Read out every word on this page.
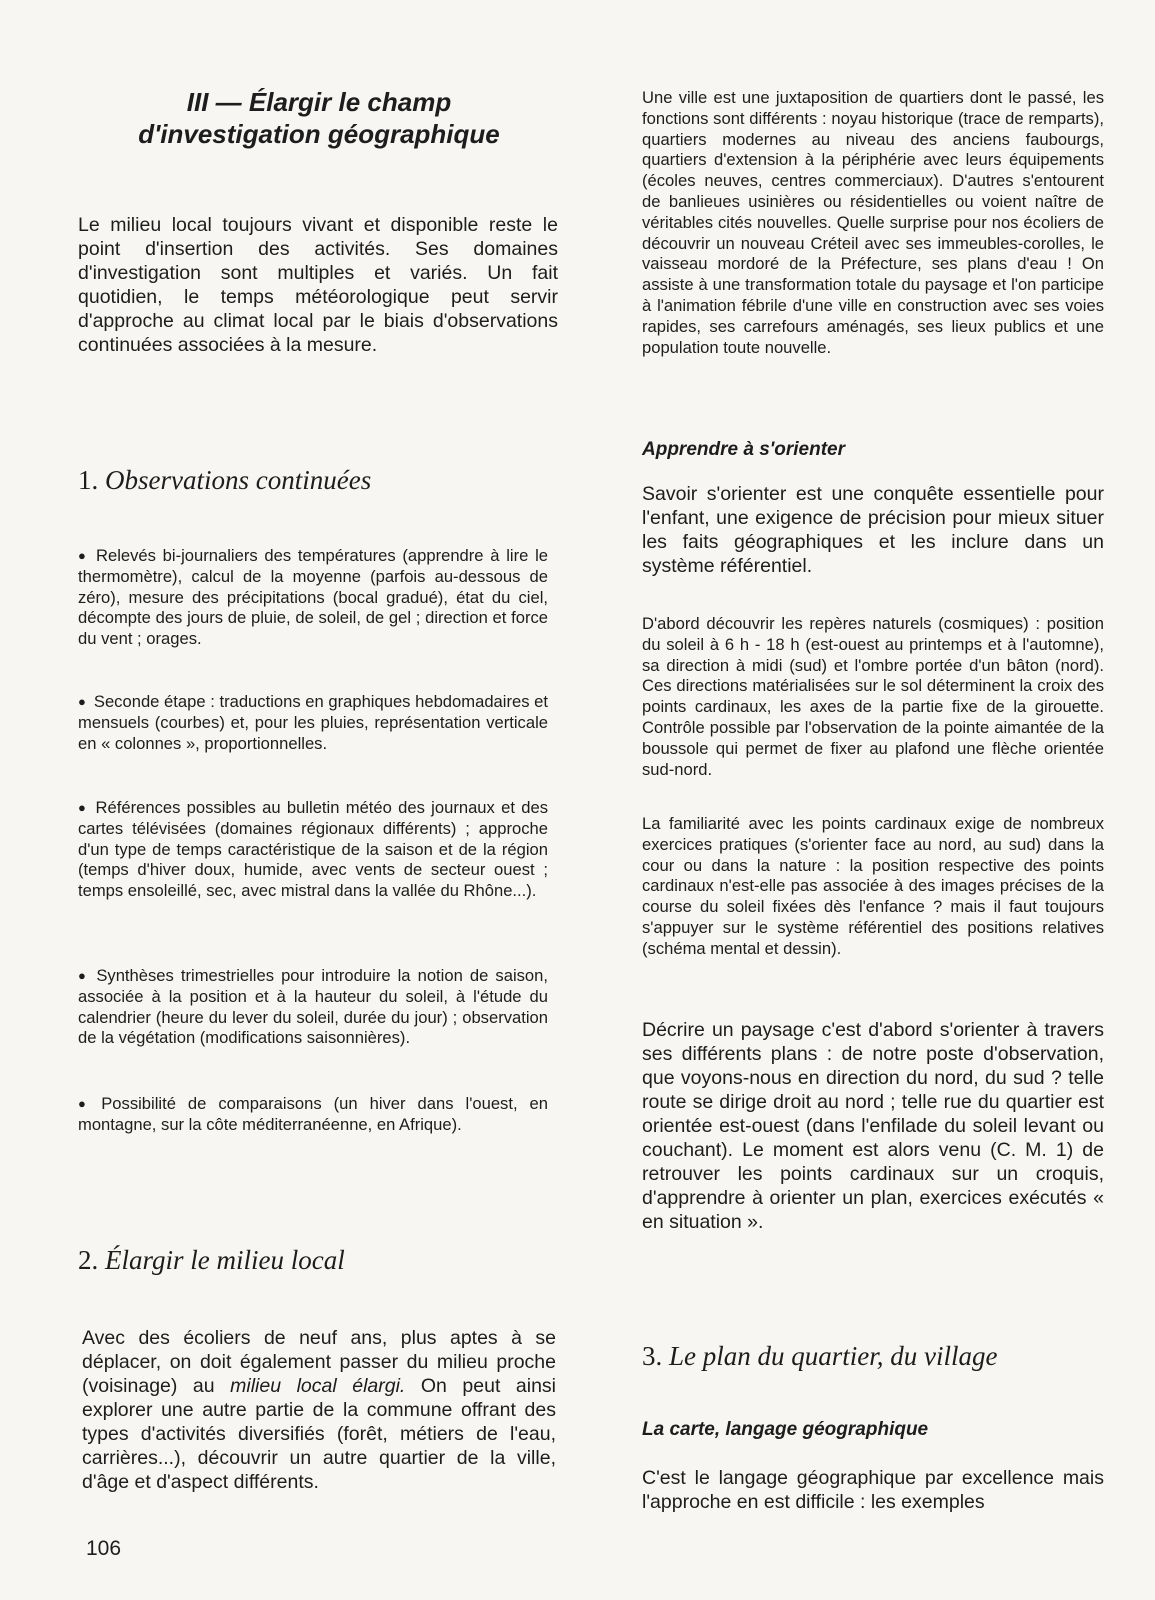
III — Élargir le champ
d'investigation géographique

Le milieu local toujours vivant et disponible reste le point d'insertion des activités. Ses domaines d'investigation sont multiples et variés. Un fait quotidien, le temps météorologique peut servir d'approche au climat local par le biais d'observations continuées associées à la mesure.

1. Observations continuées

● Relevés bi-journaliers des températures (apprendre à lire le thermomètre), calcul de la moyenne (parfois au-dessous de zéro), mesure des précipitations (bocal gradué), état du ciel, décompte des jours de pluie, de soleil, de gel ; direction et force du vent ; orages.

● Seconde étape : traductions en graphiques hebdomadaires et mensuels (courbes) et, pour les pluies, représentation verticale en « colonnes », proportionnelles.

● Références possibles au bulletin météo des journaux et des cartes télévisées (domaines régionaux différents) ; approche d'un type de temps caractéristique de la saison et de la région (temps d'hiver doux, humide, avec vents de secteur ouest ; temps ensoleillé, sec, avec mistral dans la vallée du Rhône...).

● Synthèses trimestrielles pour introduire la notion de saison, associée à la position et à la hauteur du soleil, à l'étude du calendrier (heure du lever du soleil, durée du jour) ; observation de la végétation (modifications saisonnières).

● Possibilité de comparaisons (un hiver dans l'ouest, en montagne, sur la côte méditerranéenne, en Afrique).

2. Élargir le milieu local

Avec des écoliers de neuf ans, plus aptes à se déplacer, on doit également passer du milieu proche (voisinage) au milieu local élargi. On peut ainsi explorer une autre partie de la commune offrant des types d'activités diversifiés (forêt, métiers de l'eau, carrières...), découvrir un autre quartier de la ville, d'âge et d'aspect différents.

106

Une ville est une juxtaposition de quartiers dont le passé, les fonctions sont différents : noyau historique (trace de remparts), quartiers modernes au niveau des anciens faubourgs, quartiers d'extension à la périphérie avec leurs équipements (écoles neuves, centres commerciaux). D'autres s'entourent de banlieues usinières ou résidentielles ou voient naître de véritables cités nouvelles. Quelle surprise pour nos écoliers de découvrir un nouveau Créteil avec ses immeubles-corolles, le vaisseau mordoré de la Préfecture, ses plans d'eau ! On assiste à une transformation totale du paysage et l'on participe à l'animation fébrile d'une ville en construction avec ses voies rapides, ses carrefours aménagés, ses lieux publics et une population toute nouvelle.

Apprendre à s'orienter

Savoir s'orienter est une conquête essentielle pour l'enfant, une exigence de précision pour mieux situer les faits géographiques et les inclure dans un système référentiel.

D'abord découvrir les repères naturels (cosmiques) : position du soleil à 6 h - 18 h (est-ouest au printemps et à l'automne), sa direction à midi (sud) et l'ombre portée d'un bâton (nord). Ces directions matérialisées sur le sol déterminent la croix des points cardinaux, les axes de la partie fixe de la girouette. Contrôle possible par l'observation de la pointe aimantée de la boussole qui permet de fixer au plafond une flèche orientée sud-nord.

La familiarité avec les points cardinaux exige de nombreux exercices pratiques (s'orienter face au nord, au sud) dans la cour ou dans la nature : la position respective des points cardinaux n'est-elle pas associée à des images précises de la course du soleil fixées dès l'enfance ? mais il faut toujours s'appuyer sur le système référentiel des positions relatives (schéma mental et dessin).

Décrire un paysage c'est d'abord s'orienter à travers ses différents plans : de notre poste d'observation, que voyons-nous en direction du nord, du sud ? telle route se dirige droit au nord ; telle rue du quartier est orientée est-ouest (dans l'enfilade du soleil levant ou couchant). Le moment est alors venu (C. M. 1) de retrouver les points cardinaux sur un croquis, d'apprendre à orienter un plan, exercices exécutés « en situation ».

3. Le plan du quartier, du village
La carte, langage géographique

C'est le langage géographique par excellence mais l'approche en est difficile : les exemples
